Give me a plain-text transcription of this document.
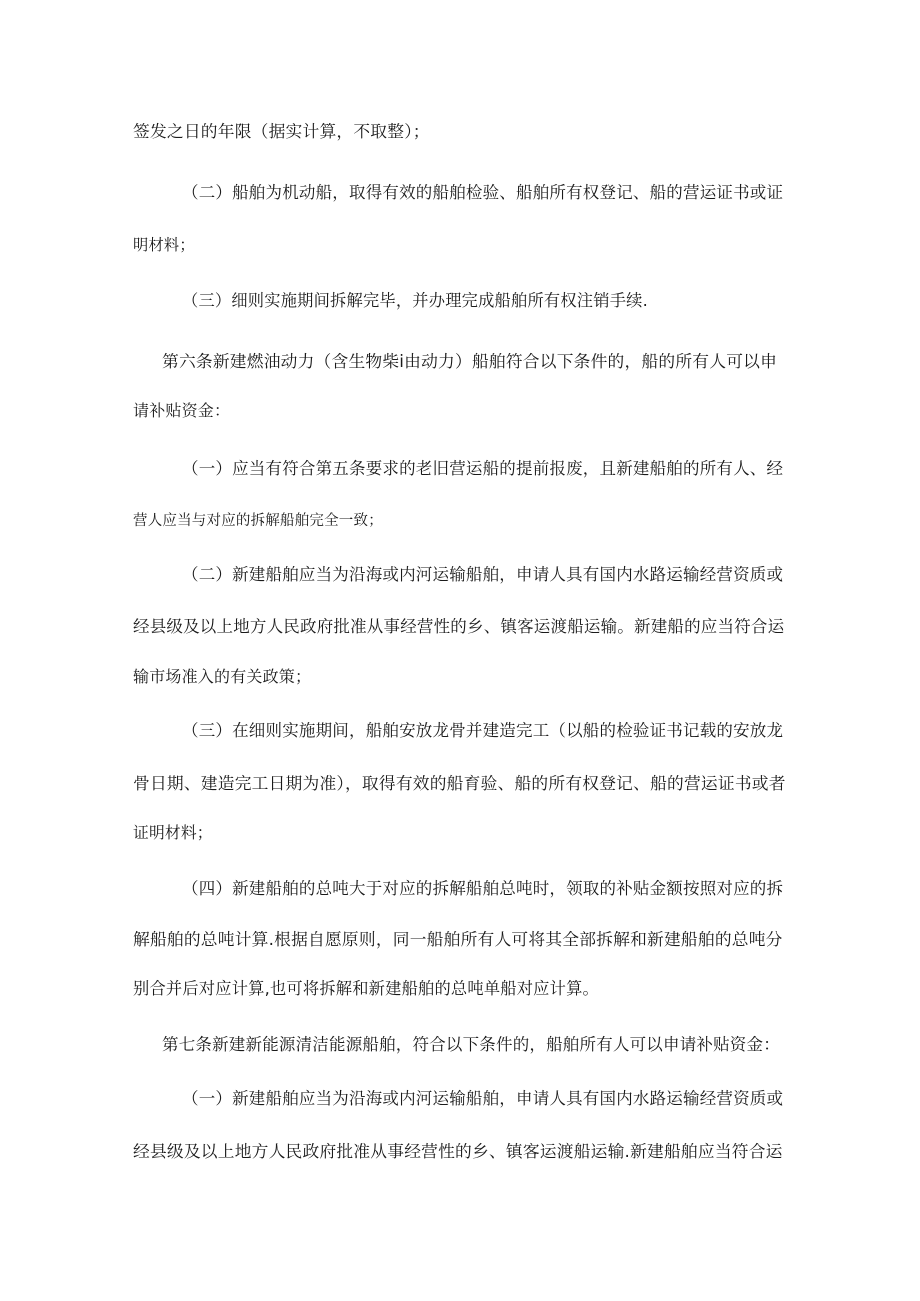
签发之日的年限（据实计算，不取整）；
（二）船舶为机动船，取得有效的船舶检验、船舶所有权登记、船的营运证书或证
明材料；
（三）细则实施期间拆解完毕，并办理完成船舶所有权注销手续.
第六条新建燃油动力（含生物柴i由动力）船舶符合以下条件的，船的所有人可以申
请补贴资金：
（一）应当有符合第五条要求的老旧营运船的提前报废，且新建船舶的所有人、经
营人应当与对应的拆解船舶完全一致；
（二）新建船舶应当为沿海或内河运输船舶，申请人具有国内水路运输经营资质或
经县级及以上地方人民政府批准从事经营性的乡、镇客运渡船运输。新建船的应当符合运
输市场准入的有关政策；
（三）在细则实施期间，船舶安放龙骨并建造完工（以船的检验证书记载的安放龙
骨日期、建造完工日期为准），取得有效的船育验、船的所有权登记、船的营运证书或者
证明材料；
（四）新建船舶的总吨大于对应的拆解船舶总吨时，领取的补贴金额按照对应的拆
解船舶的总吨计算.根据自愿原则，同一船舶所有人可将其全部拆解和新建船舶的总吨分
别合并后对应计算,也可将拆解和新建船舶的总吨单船对应计算。
第七条新建新能源清洁能源船舶，符合以下条件的，船舶所有人可以申请补贴资金：
（一）新建船舶应当为沿海或内河运输船舶，申请人具有国内水路运输经营资质或
经县级及以上地方人民政府批准从事经营性的乡、镇客运渡船运输.新建船舶应当符合运
